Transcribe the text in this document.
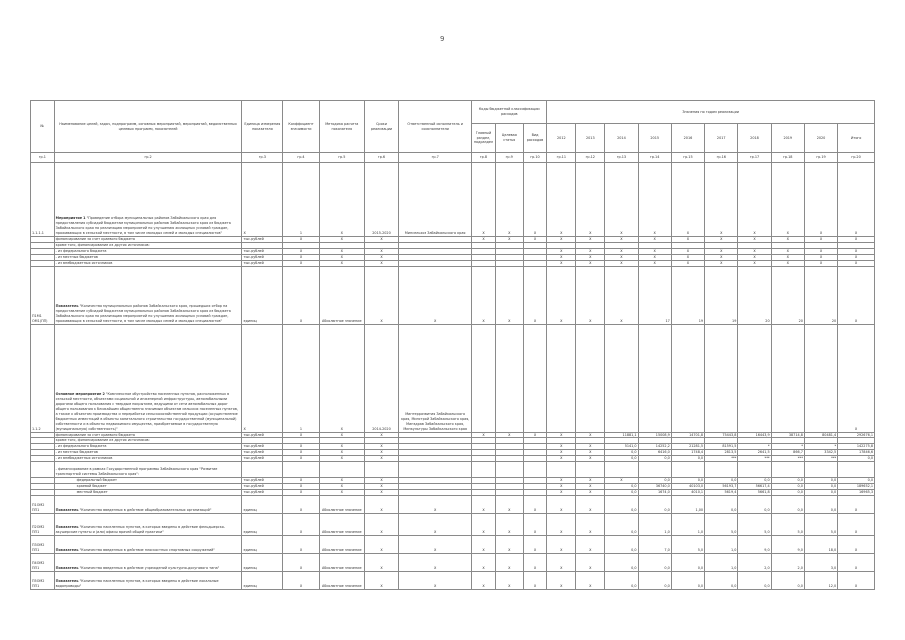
9
№	Наименование целей, задач, подпрограмм, основных мероприятий, мероприятий, ведомственных целевых программ, показателей	Единица измерения показателя	Коэффициент значимости	Методика расчета показателя	Сроки реализации	Ответственный исполнитель и соисполнители	Коды бюджетной классификации расходов			Значения по годам реализации									
							Главный раздел, подраздел	Целевая статья	Вид расходов	2012	2013	2014	2015	2016	2017	2018	2019	2020	Итого
гр.1	гр.2	гр.3	гр.4	гр.5	гр.6	гр.7	гр.8	гр.9	гр.10	гр.11	гр.12	гр.13	гр.14	гр.15	гр.16	гр.17	гр.18	гр.19	гр.20
1.1.1.1	Мероприятие 1 "Проведение отбора муниципальных районов Забайкальского края для предоставления субсидий бюджетам муниципальных районов Забайкальского края из бюджета Забайкальского края на реализацию мероприятий по улучшению жилищных условий граждан, проживающих в сельской местности, в том числе молодых семей и молодых специалистов"	X	1	X	2015-2020	Минсельхоз Забайкальского края	X	X	X	X	X	X	X	X	X	X	X	X	X
	финансирование за счет краевого бюджета	тыс.рублей	X	X	X		X	X	X	X	X	X	X	X	X	X	X	X	X
	кроме того, финансирование из других источников:																		
	- из федерального бюджета	тыс.рублей	X	X	X					X	X	X	X	X	X	X	X	X	X
	- из местных бюджетов	тыс.рублей	X	X	X					X	X	X	X	X	X	X	X	X	X
	- из внебюджетных источников	тыс.рублей	X	X	X					X	X	X	X	X	X	X	X	X	X
П1М1 ОМ1(ПП)	Показатель "Количество муниципальных районов Забайкальского края, прошедших отбор на предоставление субсидий бюджетам муниципальных районов Забайкальского края из бюджета Забайкальского края на реализацию мероприятий по улучшению жилищных условий граждан, проживающих в сельской местности, в том числе молодых семей и молодых специалистов"	единиц	X	Абсолютное значение	X	X	X	X	X	X	X	X	17	19	19	20	20	20	X
1.1.2	Основное мероприятие 2 "Комплексное обустройство населенных пунктов, расположенных в сельской местности, объектами социальной и инженерной инфраструктуры, автомобильными дорогами общего пользования с твердым покрытием, ведущими от сети автомобильных дорог общего пользования к ближайшим общественно значимым объектам сельских населенных пунктов, а также к объектам производства и переработки сельскохозяйственной продукции (осуществление бюджетных инвестиций в объекты капитального строительства государственной (муниципальной) собственности и в объекты недвижимого имущества, приобретаемые в государственную (муниципальную) собственность)"	X	1	X	2014-2020	Минтерразвития Забайкальского края, Минстрой Забайкальского края, Минздрав Забайкальского края, Минкультуры Забайкальского края													X
	финансирование за счет краевого бюджета	тыс.рублей	X	X	X		X	X	X	X	X	11881,1	15008,9	14701,8	75443,8	16443,9	38714,8	80481,4	292676,1
	кроме того, финансирование из других источников:																		
	- из федерального бюджета	тыс.рублей	X	X	X					X	X	5141,0	14252,2	21281,5	81591,5	*	*	*	142275,8
	- из местных бюджетов	тыс.рублей	X	X	X					X	X	0,0	6416,0	1748,4	2813,5	2641,5	866,7	3342,5	17846,6
	- из внебюджетных источников	тыс.рублей	X	X	X					X	X	0,0	0,0	0,0	***	***	***	***	0,0
	- финансирование в рамках Государственной программы Забайкальского края "Развитие транспортной системы Забайкальского края":																		
	федеральный бюджет	тыс.рублей	X	X	X					X	X	X	0,0	0,0	0,0	0,0	0,0	0,0	0,0
	краевой бюджет	тыс.рублей	X	X	X					X	X	0,0	36740,0	40103,0	56193,7	56617,4	0,0	0,0	189652,1
	местный бюджет	тыс.рублей	X	X	X					X	X	0,0	1674,0	4010,1	5619,4	5661,8	0,0	0,0	16965,3
П1ОМ2 ПП1	Показатель "Количество введенных в действие общеобразовательных организаций"	единиц	X	Абсолютное значение	X	X	X	X	X	X	X	0,0	0,0	1,00	0,0	0,0	0,0	0,0	X
П2ОМ2 ПП1	Показатель "Количество населенных пунктов, в которых введены в действие фельдшерско-акушерские пункты и (или) офисы врачей общей практики"	единиц	X	Абсолютное значение	X	X	X	X	X	X	X	0,0	1,0	1,0	5,0	5,0	5,0	5,0	X
П3ОМ2 ПП1	Показатель "Количество введенных в действие плоскостных спортивных сооружений"	единиц	X	Абсолютное значение	X	X	X	X	X	X	X	0,0	7,0	5,0	1,0	9,0	9,0	18,0	X
П4ОМ2 ПП1	Показатель "Количество введенных в действие учреждений культурно-досугового типа"	единиц	X	Абсолютное значение	X	X	X	X	X	X	X	0,0	0,0	0,0	1,0	2,0	2,0	3,0	X
П5ОМ2 ПП1	Показатель "Количество населенных пунктов, в которых введены в действие локальные водопроводы"	единиц	X	Абсолютное значение	X	X	X	X	X	X	X	0,0	0,0	0,0	0,0	0,0	0,0	12,0	X
